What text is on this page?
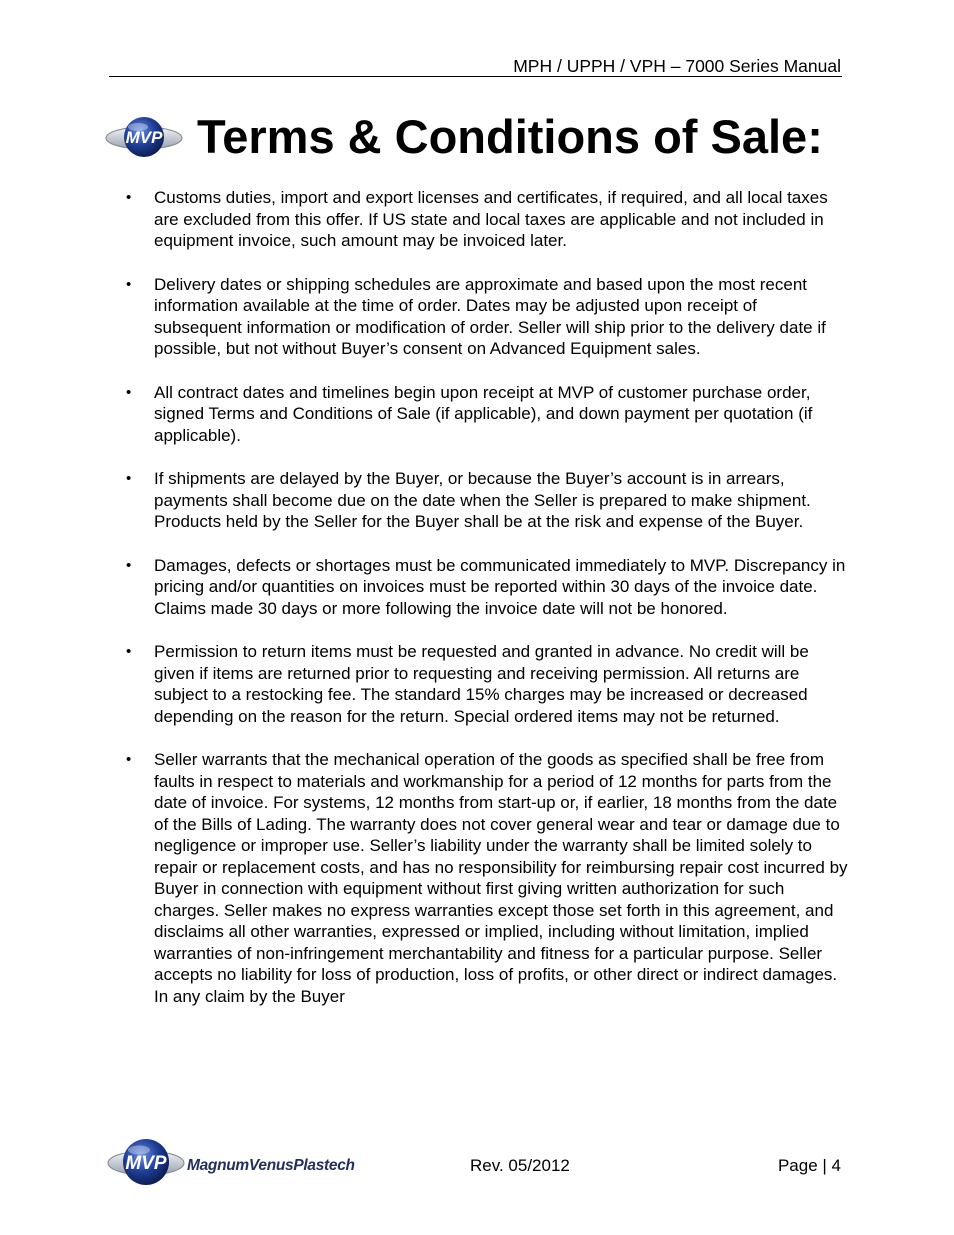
MPH / UPPH / VPH – 7000 Series Manual
MVP Terms & Conditions of Sale:
• Customs duties, import and export licenses and certificates, if required, and all local taxes are excluded from this offer. If US state and local taxes are applicable and not included in equipment invoice, such amount may be invoiced later.
• Delivery dates or shipping schedules are approximate and based upon the most recent information available at the time of order. Dates may be adjusted upon receipt of subsequent information or modification of order. Seller will ship prior to the delivery date if possible, but not without Buyer’s consent on Advanced Equipment sales.
• All contract dates and timelines begin upon receipt at MVP of customer purchase order, signed Terms and Conditions of Sale (if applicable), and down payment per quotation (if applicable).
• If shipments are delayed by the Buyer, or because the Buyer’s account is in arrears, payments shall become due on the date when the Seller is prepared to make shipment. Products held by the Seller for the Buyer shall be at the risk and expense of the Buyer.
• Damages, defects or shortages must be communicated immediately to MVP. Discrepancy in pricing and/or quantities on invoices must be reported within 30 days of the invoice date. Claims made 30 days or more following the invoice date will not be honored.
• Permission to return items must be requested and granted in advance. No credit will be given if items are returned prior to requesting and receiving permission. All returns are subject to a restocking fee. The standard 15% charges may be increased or decreased depending on the reason for the return. Special ordered items may not be returned.
• Seller warrants that the mechanical operation of the goods as specified shall be free from faults in respect to materials and workmanship for a period of 12 months for parts from the date of invoice. For systems, 12 months from start-up or, if earlier, 18 months from the date of the Bills of Lading. The warranty does not cover general wear and tear or damage due to negligence or improper use. Seller’s liability under the warranty shall be limited solely to repair or replacement costs, and has no responsibility for reimbursing repair cost incurred by Buyer in connection with equipment without first giving written authorization for such charges. Seller makes no express warranties except those set forth in this agreement, and disclaims all other warranties, expressed or implied, including without limitation, implied warranties of non-infringement merchantability and fitness for a particular purpose. Seller accepts no liability for loss of production, loss of profits, or other direct or indirect damages. In any claim by the Buyer
MVP MagnumVenusPlastech	Rev. 05/2012	Page | 4
